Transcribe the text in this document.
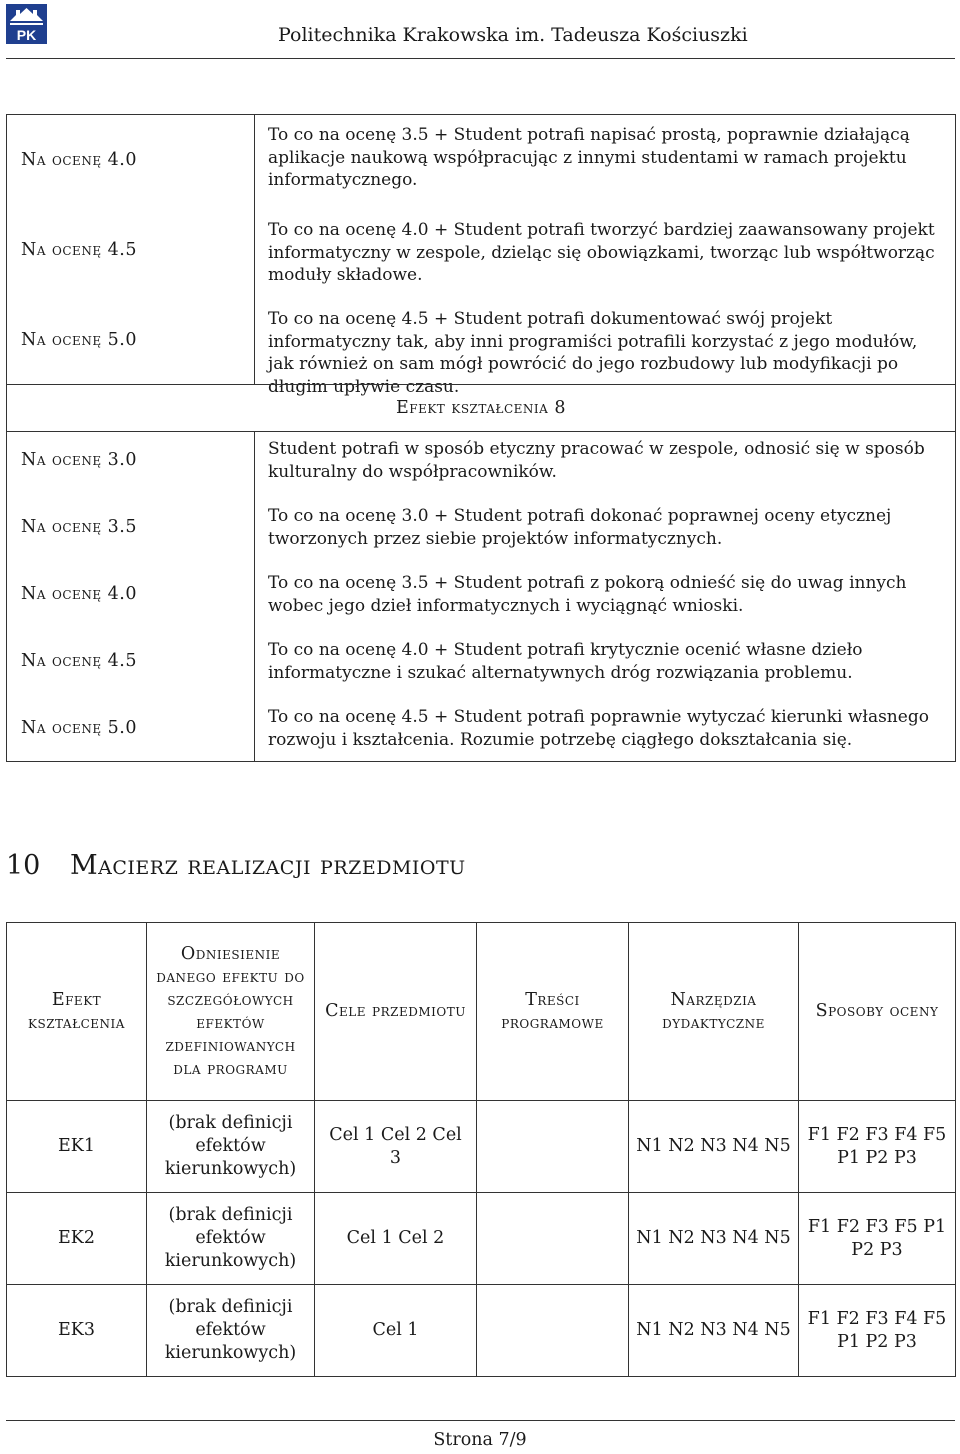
PK	Politechnika Krakowska im. Tadeusza Kościuszki
Na ocenę 4.0
To co na ocenę 3.5 + Student potrafi napisać prostą, poprawnie działającą aplikacje naukową współpracując z innymi studentami w ramach projektu informatycznego.
Na ocenę 4.5
To co na ocenę 4.0 + Student potrafi tworzyć bardziej zaawansowany projekt informatyczny w zespole, dzieląc się obowiązkami, tworząc lub współtworząc moduły składowe.
Na ocenę 5.0
To co na ocenę 4.5 + Student potrafi dokumentować swój projekt informatyczny tak, aby inni programiści potrafili korzystać z jego modułów, jak również on sam mógł powrócić do jego rozbudowy lub modyfikacji po długim upływie czasu.
Efekt kształcenia 8
Na ocenę 3.0
Student potrafi w sposób etyczny pracować w zespole, odnosić się w sposób kulturalny do współpracowników.
Na ocenę 3.5
To co na ocenę 3.0 + Student potrafi dokonać poprawnej oceny etycznej tworzonych przez siebie projektów informatycznych.
Na ocenę 4.0
To co na ocenę 3.5 + Student potrafi z pokorą odnieść się do uwag innych wobec jego dzieł informatycznych i wyciągnąć wnioski.
Na ocenę 4.5
To co na ocenę 4.0 + Student potrafi krytycznie ocenić własne dzieło informatyczne i szukać alternatywnych dróg rozwiązania problemu.
Na ocenę 5.0
To co na ocenę 4.5 + Student potrafi poprawnie wytyczać kierunki własnego rozwoju i kształcenia. Rozumie potrzebę ciągłego dokształcania się.
10 Macierz realizacji przedmiotu
Efekt kształcenia	Odniesienie danego efektu do szczegółowych efektów zdefiniowanych dla programu	Cele przedmiotu	Treści programowe	Narzędzia dydaktyczne	Sposoby oceny
EK1	(brak definicji efektów kierunkowych)	Cel 1 Cel 2 Cel 3		N1 N2 N3 N4 N5	F1 F2 F3 F4 F5 P1 P2 P3
EK2	(brak definicji efektów kierunkowych)	Cel 1 Cel 2		N1 N2 N3 N4 N5	F1 F2 F3 F5 P1 P2 P3
EK3	(brak definicji efektów kierunkowych)	Cel 1		N1 N2 N3 N4 N5	F1 F2 F3 F4 F5 P1 P2 P3
Strona 7/9
